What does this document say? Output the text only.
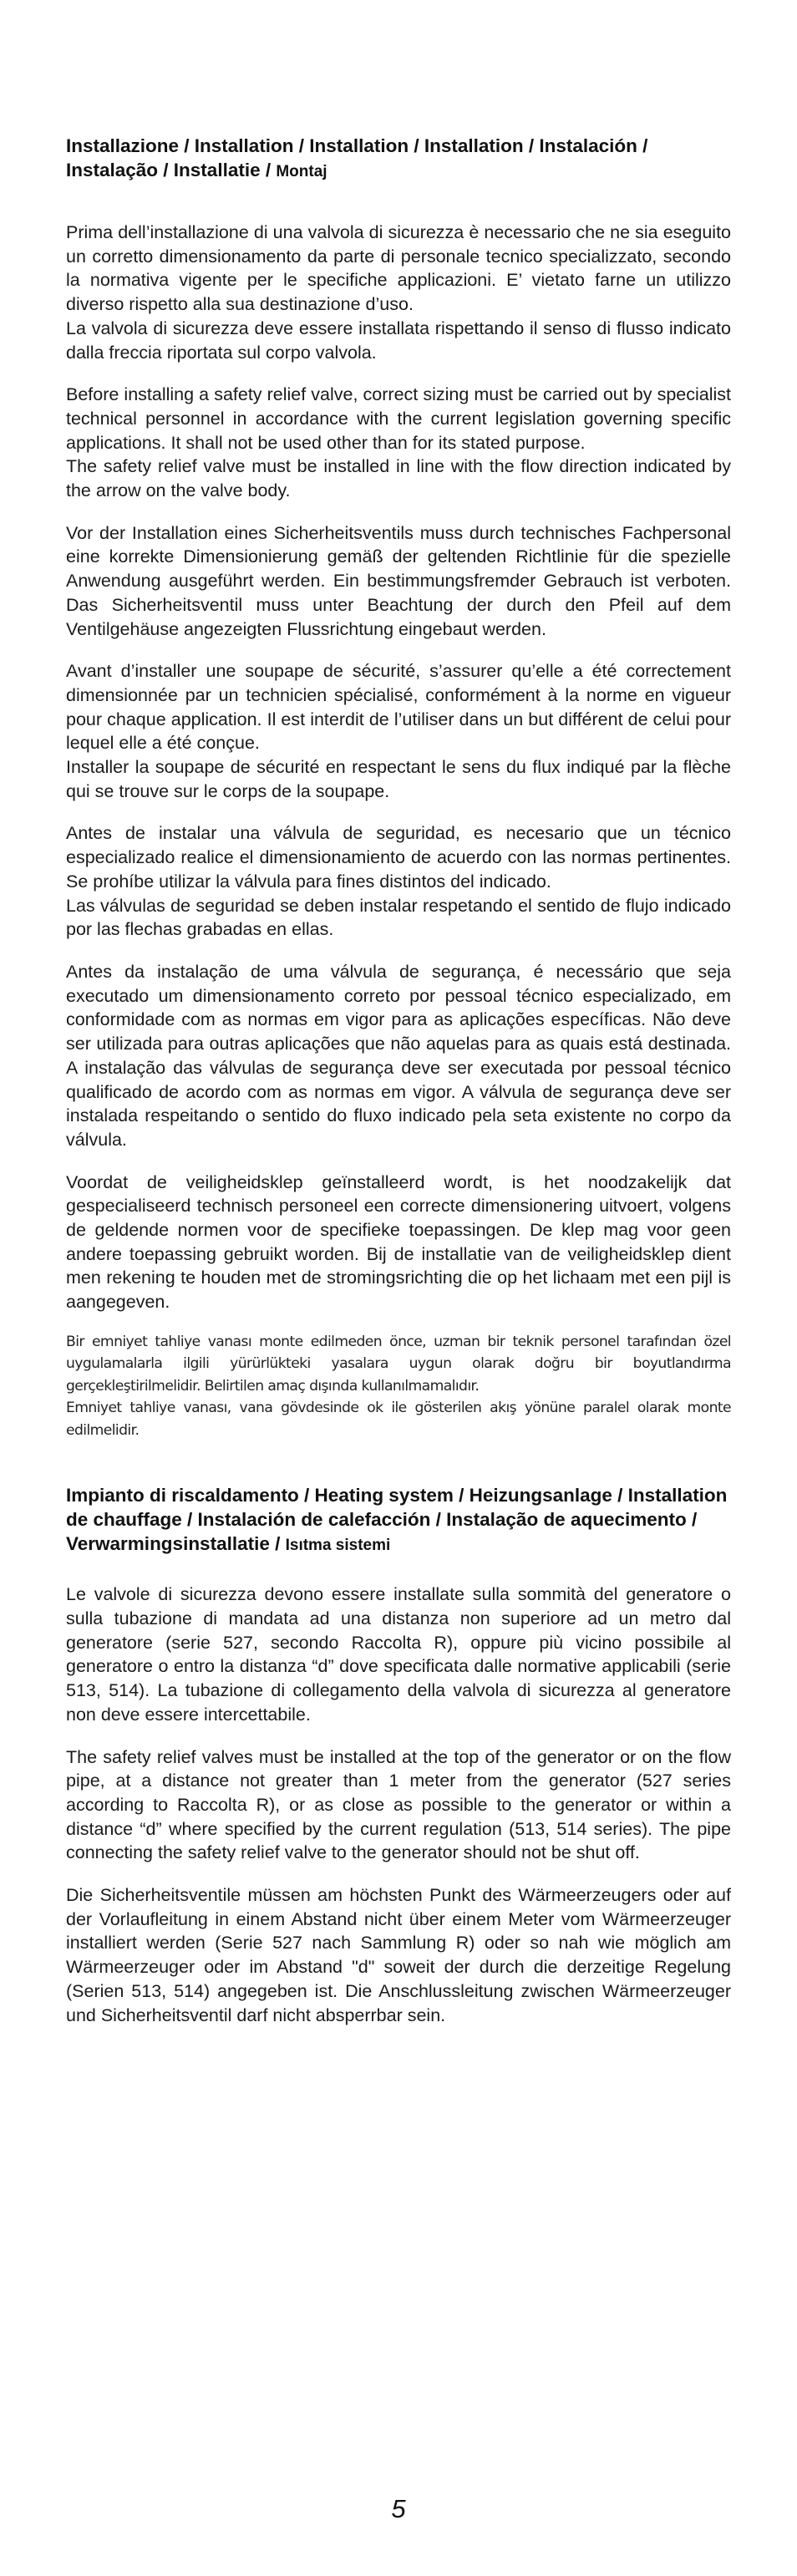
Installazione / Installation / Installation / Installation / Instalación / Instalação / Installatie / Montaj

Prima dell’installazione di una valvola di sicurezza è necessario che ne sia eseguito un corretto dimensionamento da parte di personale tecnico specializzato, secondo la normativa vigente per le specifiche applicazioni. E’ vietato farne un utilizzo diverso rispetto alla sua destinazione d’uso.
La valvola di sicurezza deve essere installata rispettando il senso di flusso indicato dalla freccia riportata sul corpo valvola.

Before installing a safety relief valve, correct sizing must be carried out by specialist technical personnel in accordance with the current legislation governing specific applications. It shall not be used other than for its stated purpose.
The safety relief valve must be installed in line with the flow direction indicated by the arrow on the valve body.

Vor der Installation eines Sicherheitsventils muss durch technisches Fachpersonal eine korrekte Dimensionierung gemäß der geltenden Richtlinie für die spezielle Anwendung ausgeführt werden. Ein bestimmungsfremder Gebrauch ist verboten. Das Sicherheitsventil muss unter Beachtung der durch den Pfeil auf dem Ventilgehäuse angezeigten Flussrichtung eingebaut werden.

Avant d’installer une soupape de sécurité, s’assurer qu’elle a été correctement dimensionnée par un technicien spécialisé, conformément à la norme en vigueur pour chaque application. Il est interdit de l’utiliser dans un but différent de celui pour lequel elle a été conçue.
Installer la soupape de sécurité en respectant le sens du flux indiqué par la flèche qui se trouve sur le corps de la soupape.

Antes de instalar una válvula de seguridad, es necesario que un técnico especializado realice el dimensionamiento de acuerdo con las normas pertinentes. Se prohíbe utilizar la válvula para fines distintos del indicado.
Las válvulas de seguridad se deben instalar respetando el sentido de flujo indicado por las flechas grabadas en ellas.

Antes da instalação de uma válvula de segurança, é necessário que seja executado um dimensionamento correto por pessoal técnico especializado, em conformidade com as normas em vigor para as aplicações específicas. Não deve ser utilizada para outras aplicações que não aquelas para as quais está destinada. A instalação das válvulas de segurança deve ser executada por pessoal técnico qualificado de acordo com as normas em vigor. A válvula de segurança deve ser instalada respeitando o sentido do fluxo indicado pela seta existente no corpo da válvula.

Voordat de veiligheidsklep geïnstalleerd wordt, is het noodzakelijk dat gespecialiseerd technisch personeel een correcte dimensionering uitvoert, volgens de geldende normen voor de specifieke toepassingen. De klep mag voor geen andere toepassing gebruikt worden. Bij de installatie van de veiligheidsklep dient men rekening te houden met de stromingsrichting die op het lichaam met een pijl is aangegeven.

Bir emniyet tahliye vanası monte edilmeden önce, uzman bir teknik personel tarafından özel uygulamalarla ilgili yürürlükteki yasalara uygun olarak doğru bir boyutlandırma gerçekleştirilmelidir. Belirtilen amaç dışında kullanılmamalıdır.
Emniyet tahliye vanası, vana gövdesinde ok ile gösterilen akış yönüne paralel olarak monte edilmelidir.

Impianto di riscaldamento / Heating system / Heizungsanlage / Installation de chauffage / Instalación de calefacción / Instalação de aquecimento / Verwarmingsinstallatie / Isıtma sistemi

Le valvole di sicurezza devono essere installate sulla sommità del generatore o sulla tubazione di mandata ad una distanza non superiore ad un metro dal generatore (serie 527, secondo Raccolta R), oppure più vicino possibile al generatore o entro la distanza “d” dove specificata dalle normative applicabili (serie 513, 514). La tubazione di collegamento della valvola di sicurezza al generatore non deve essere intercettabile.

The safety relief valves must be installed at the top of the generator or on the flow pipe, at a distance not greater than 1 meter from the generator (527 series according to Raccolta R), or as close as possible to the generator or within a distance “d” where specified by the current regulation (513, 514 series). The pipe connecting the safety relief valve to the generator should not be shut off.

Die Sicherheitsventile müssen am höchsten Punkt des Wärmeerzeugers oder auf der Vorlaufleitung in einem Abstand nicht über einem Meter vom Wärmeerzeuger installiert werden (Serie 527 nach Sammlung R) oder so nah wie möglich am Wärmeerzeuger oder im Abstand "d" soweit der durch die derzeitige Regelung (Serien 513, 514) angegeben ist. Die Anschlussleitung zwischen Wärmeerzeuger und Sicherheitsventil darf nicht absperrbar sein.

5
